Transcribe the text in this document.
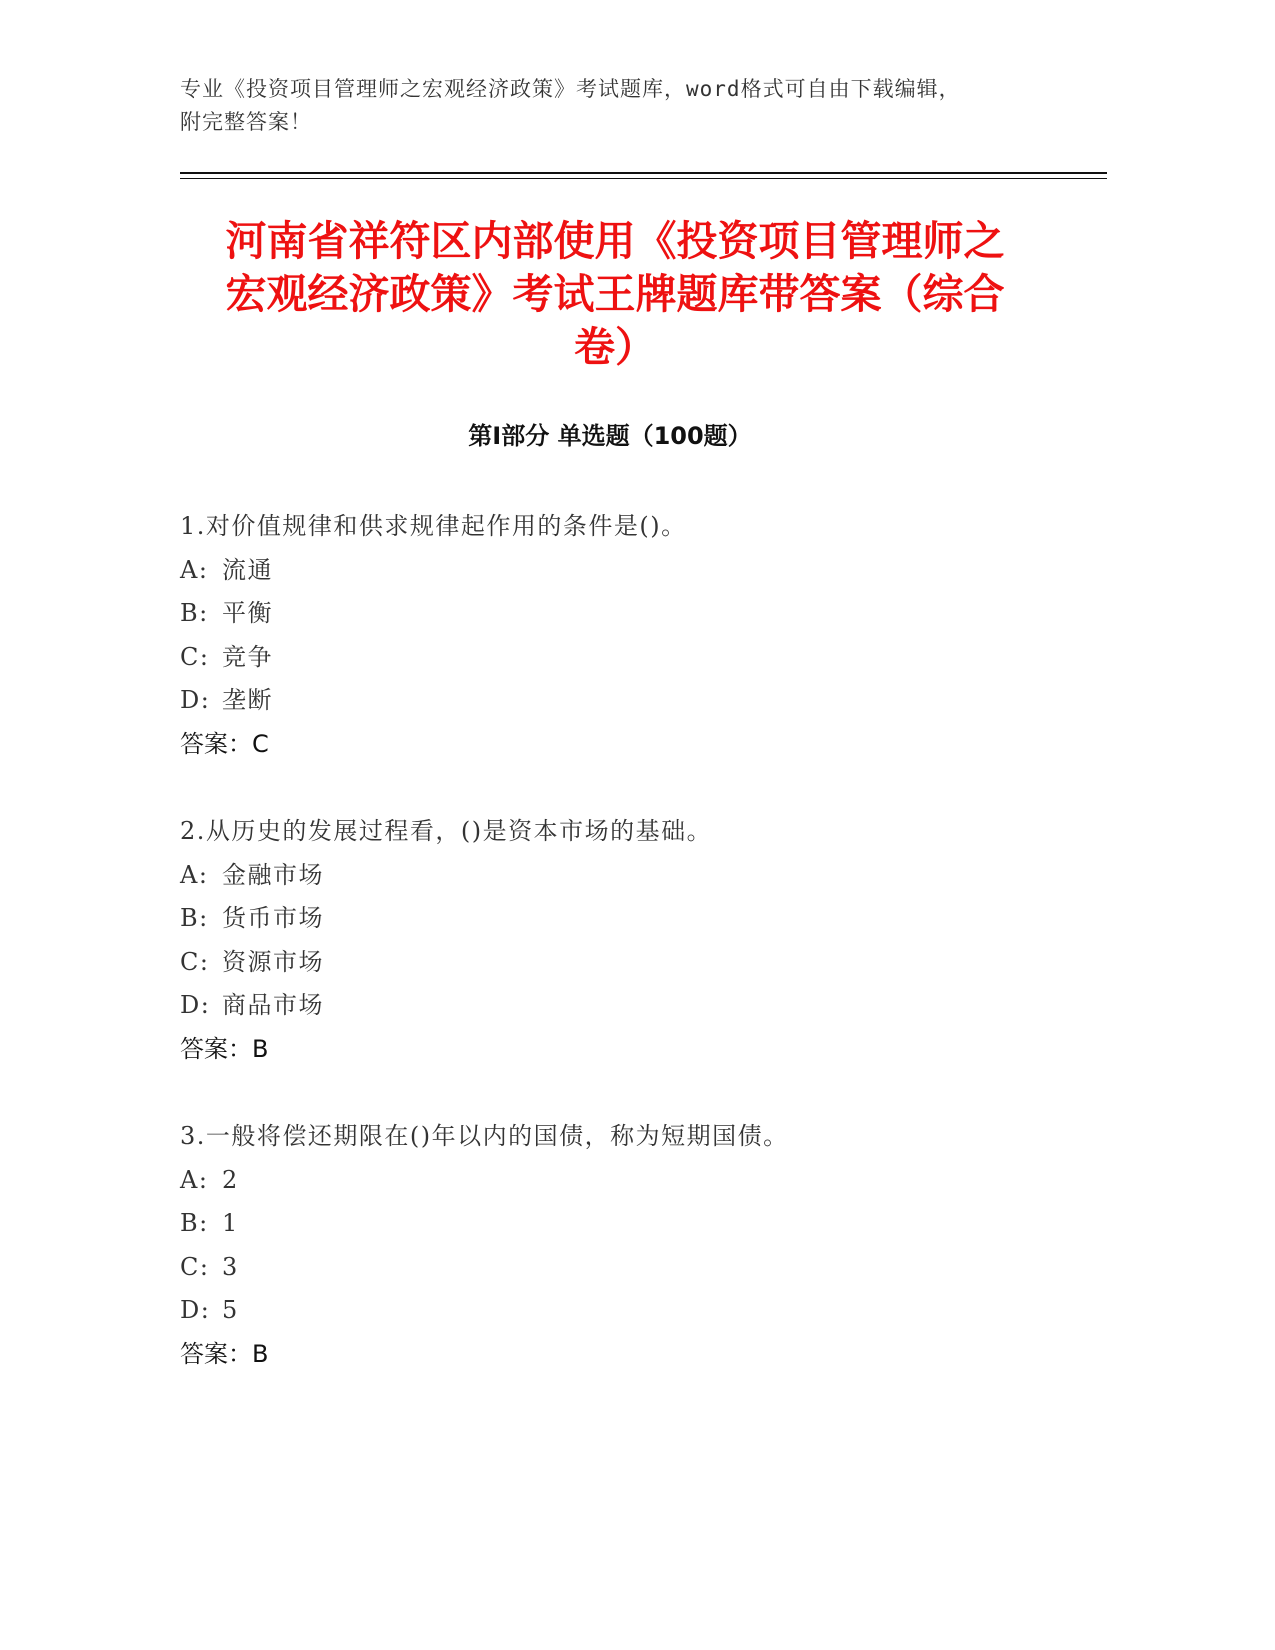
专业《投资项目管理师之宏观经济政策》考试题库，word格式可自由下载编辑，
附完整答案！
河南省祥符区内部使用《投资项目管理师之
宏观经济政策》考试王牌题库带答案（综合
卷）
第Ⅰ部分 单选题（100题）
1.对价值规律和供求规律起作用的条件是()。
A: 流通
B: 平衡
C: 竞争
D: 垄断
答案：C
2.从历史的发展过程看，()是资本市场的基础。
A: 金融市场
B: 货币市场
C: 资源市场
D: 商品市场
答案：B
3.一般将偿还期限在()年以内的国债，称为短期国债。
A: 2
B: 1
C: 3
D: 5
答案：B
